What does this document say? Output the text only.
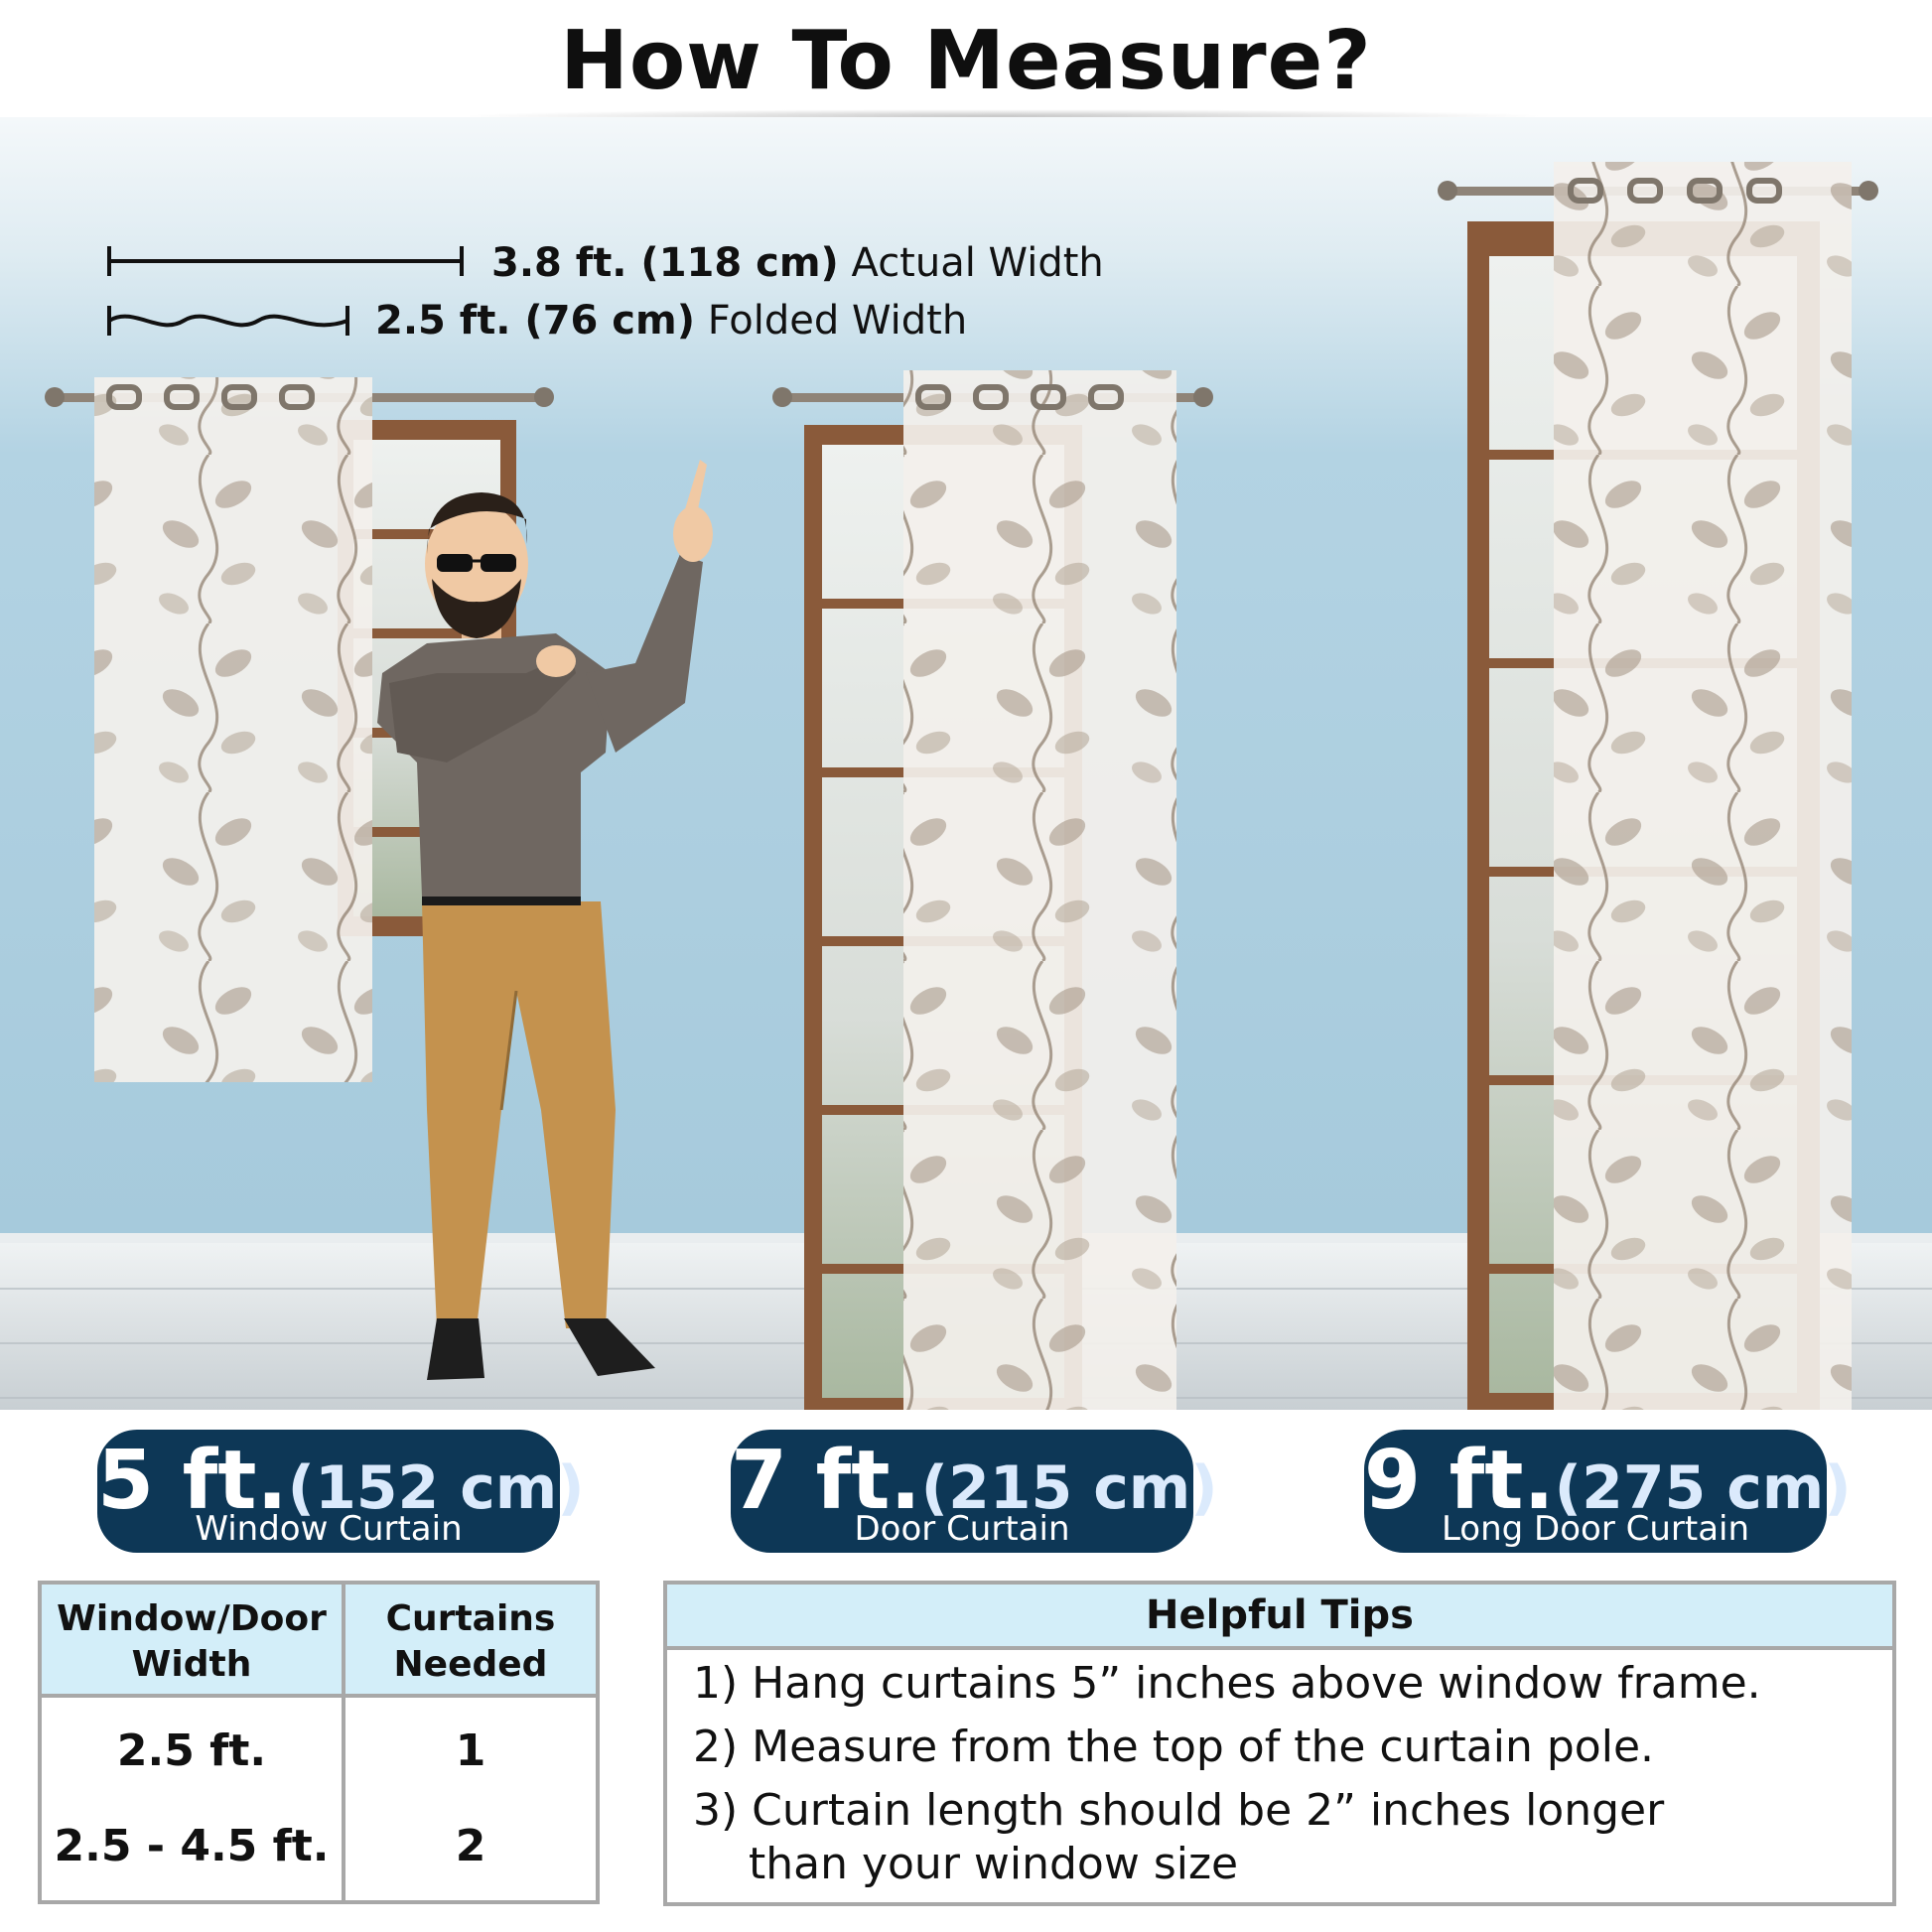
How To Measure?
3.8 ft. (118 cm) Actual Width
2.5 ft. (76 cm) Folded Width
5 ft.(152 cm)
Window Curtain
7 ft.(215 cm)
Door Curtain
9 ft.(275 cm)
Long Door Curtain
Window/Door
Width
Curtains
Needed
2.5 ft.	1
2.5 - 4.5 ft.	2
Helpful Tips
1) Hang curtains 5” inches above window frame.
2) Measure from the top of the curtain pole.
3) Curtain length should be 2” inches longer
than your window size
